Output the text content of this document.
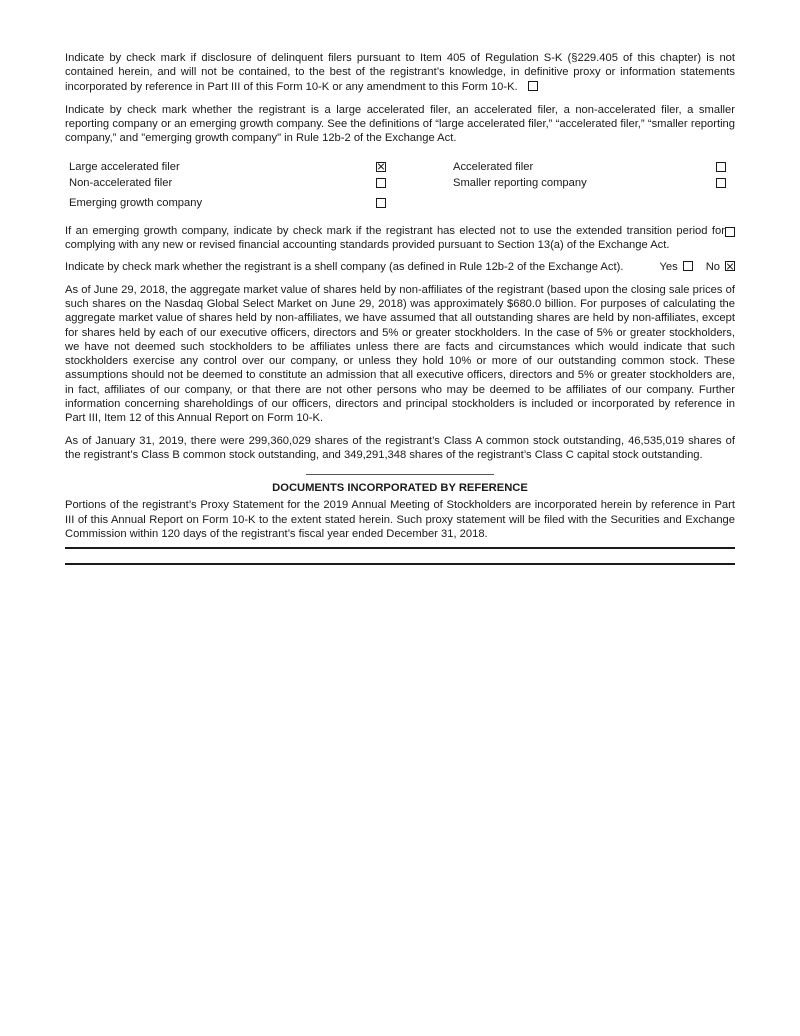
Indicate by check mark if disclosure of delinquent filers pursuant to Item 405 of Regulation S-K (§229.405 of this chapter) is not contained herein, and will not be contained, to the best of the registrant’s knowledge, in definitive proxy or information statements incorporated by reference in Part III of this Form 10-K or any amendment to this Form 10-K.

Indicate by check mark whether the registrant is a large accelerated filer, an accelerated filer, a non-accelerated filer, a smaller reporting company or an emerging growth company. See the definitions of “large accelerated filer,” “accelerated filer,” “smaller reporting company,” and "emerging growth company" in Rule 12b-2 of the Exchange Act.

Large accelerated filer	Accelerated filer
Non-accelerated filer	Smaller reporting company
Emerging growth company

If an emerging growth company, indicate by check mark if the registrant has elected not to use the extended transition period for complying with any new or revised financial accounting standards provided pursuant to Section 13(a) of the Exchange Act.

Yes	No
Indicate by check mark whether the registrant is a shell company (as defined in Rule 12b-2 of the Exchange Act).

As of June 29, 2018, the aggregate market value of shares held by non-affiliates of the registrant (based upon the closing sale prices of such shares on the Nasdaq Global Select Market on June 29, 2018) was approximately $680.0 billion. For purposes of calculating the aggregate market value of shares held by non-affiliates, we have assumed that all outstanding shares are held by non-affiliates, except for shares held by each of our executive officers, directors and 5% or greater stockholders. In the case of 5% or greater stockholders, we have not deemed such stockholders to be affiliates unless there are facts and circumstances which would indicate that such stockholders exercise any control over our company, or unless they hold 10% or more of our outstanding common stock. These assumptions should not be deemed to constitute an admission that all executive officers, directors and 5% or greater stockholders are, in fact, affiliates of our company, or that there are not other persons who may be deemed to be affiliates of our company. Further information concerning shareholdings of our officers, directors and principal stockholders is included or incorporated by reference in Part III, Item 12 of this Annual Report on Form 10-K.

As of January 31, 2019, there were 299,360,029 shares of the registrant’s Class A common stock outstanding, 46,535,019 shares of the registrant’s Class B common stock outstanding, and 349,291,348 shares of the registrant’s Class C capital stock outstanding.

DOCUMENTS INCORPORATED BY REFERENCE

Portions of the registrant’s Proxy Statement for the 2019 Annual Meeting of Stockholders are incorporated herein by reference in Part III of this Annual Report on Form 10-K to the extent stated herein. Such proxy statement will be filed with the Securities and Exchange Commission within 120 days of the registrant’s fiscal year ended December 31, 2018.
